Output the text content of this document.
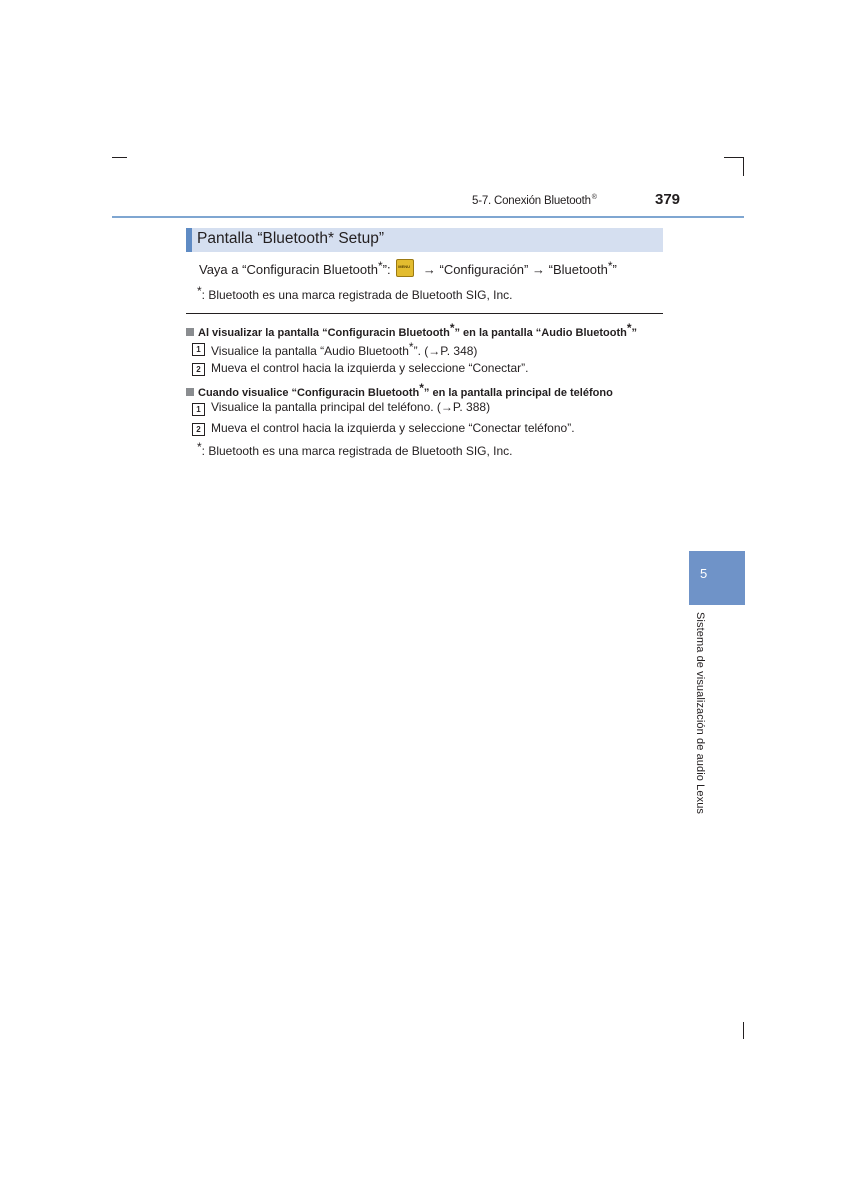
5-7. Conexión Bluetooth®	379
Pantalla “Bluetooth* Setup”
Vaya a “Configuracin Bluetooth*”: MENU → “Configuración” → “Bluetooth*”
*: Bluetooth es una marca registrada de Bluetooth SIG, Inc.
Al visualizar la pantalla “Configuracin Bluetooth*” en la pantalla “Audio Bluetooth*”
1 Visualice la pantalla “Audio Bluetooth*”. (→P. 348)
2 Mueva el control hacia la izquierda y seleccione “Conectar”.
Cuando visualice “Configuracin Bluetooth*” en la pantalla principal de teléfono
1 Visualice la pantalla principal del teléfono. (→P. 388)
2 Mueva el control hacia la izquierda y seleccione “Conectar teléfono”.
*: Bluetooth es una marca registrada de Bluetooth SIG, Inc.
5
Sistema de visualización de audio Lexus
